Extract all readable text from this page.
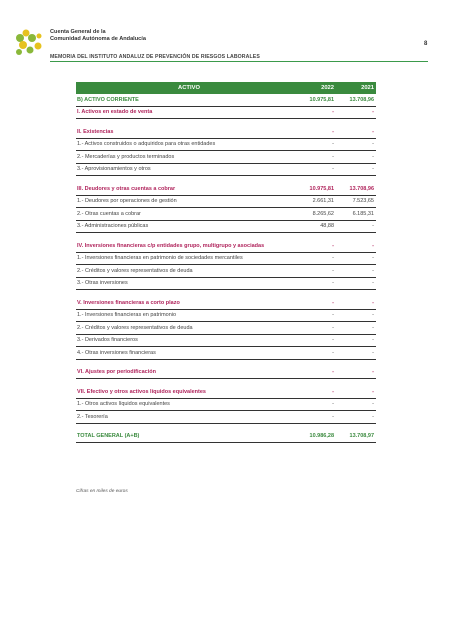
Cuenta General de la
Comunidad Autónoma de Andalucía
MEMORIA DEL INSTITUTO ANDALUZ DE PREVENCIÓN DE RIESGOS LABORALES
8
ACTIVO	2022	2021
B) ACTIVO CORRIENTE	10.975,81	13.708,96
I. Activos en estado de venta	-	-
II. Existencias	-	-
1.- Activos construidos o adquiridos para otras entidades	-	-
2.- Mercaderías y productos terminados	-	-
3.- Aprovisionamientos y otros	-	-
III. Deudores y otras cuentas a cobrar	10.975,81	13.708,96
1.- Deudores por operaciones de gestión	2.661,31	7.523,65
2.- Otras cuentas a cobrar	8.265,62	6.185,31
3.- Administraciones públicas	48,88	-
IV. Inversiones financieras c/p entidades grupo, multigrupo y asociadas	-	-
1.- Inversiones financieras en patrimonio de sociedades mercantiles	-	-
2.- Créditos y valores representativos de deuda	-	-
3.- Otras inversiones	-	-
V. Inversiones financieras a corto plazo	-	-
1.- Inversiones financieras en patrimonio	-	-
2.- Créditos y valores representativos de deuda	-	-
3.- Derivados financieros	-	-
4.- Otras inversiones financieras	-	-
VI. Ajustes por periodificación	-	-
VII. Efectivo y otros activos líquidos equivalentes	-	-
1.- Otros activos líquidos equivalentes	-	-
2.- Tesorería	-	-
TOTAL GENERAL (A+B)	10.986,28	13.708,97
Cifras en miles de euros
